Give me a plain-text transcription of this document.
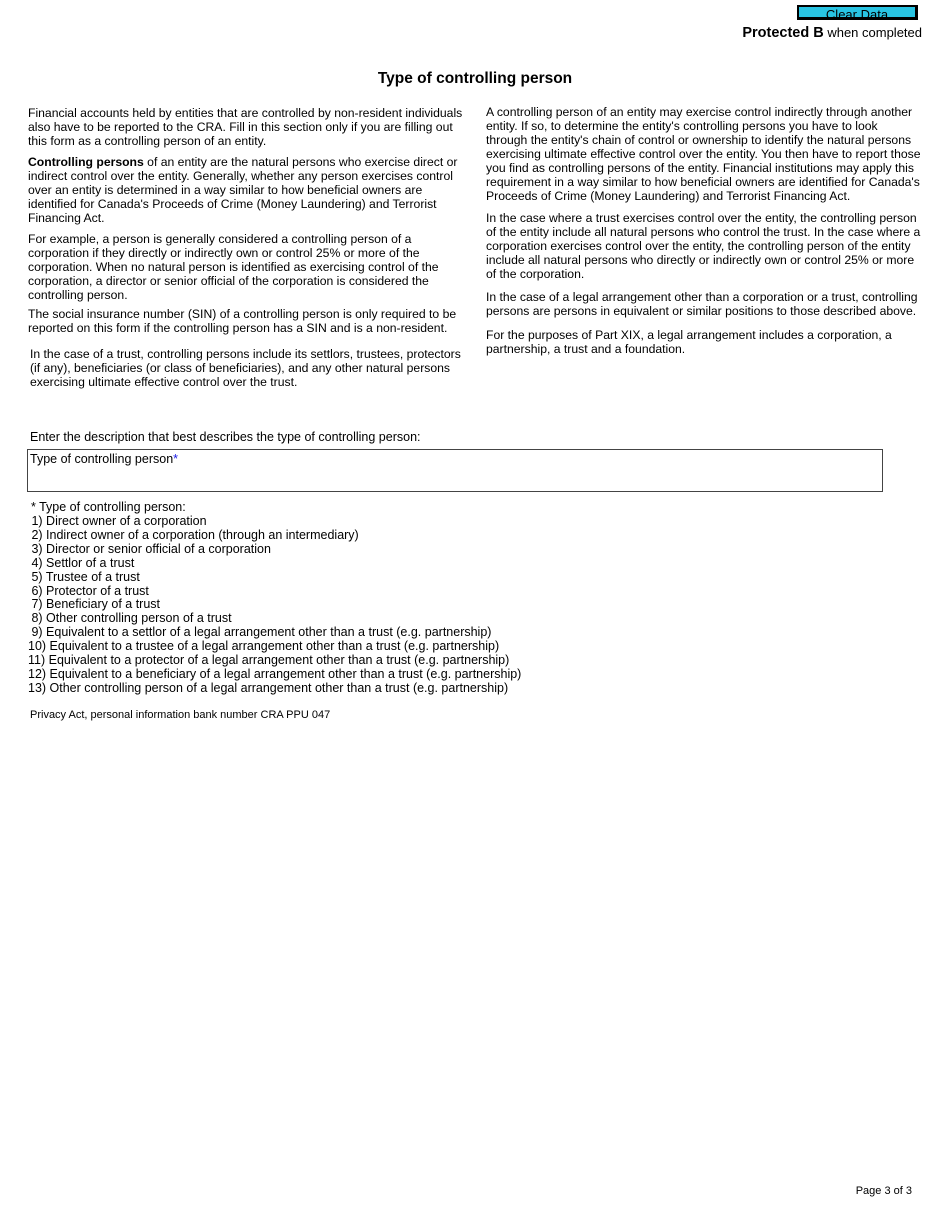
Clear Data
Protected B when completed
Type of controlling person

Financial accounts held by entities that are controlled by non-resident individuals also have to be reported to the CRA. Fill in this section only if you are filling out this form as a controlling person of an entity.

Controlling persons of an entity are the natural persons who exercise direct or indirect control over the entity. Generally, whether any person exercises control over an entity is determined in a way similar to how beneficial owners are identified for Canada's Proceeds of Crime (Money Laundering) and Terrorist Financing Act.

For example, a person is generally considered a controlling person of a corporation if they directly or indirectly own or control 25% or more of the corporation. When no natural person is identified as exercising control of the corporation, a director or senior official of the corporation is considered the controlling person.

The social insurance number (SIN) of a controlling person is only required to be reported on this form if the controlling person has a SIN and is a non-resident.

In the case of a trust, controlling persons include its settlors, trustees, protectors (if any), beneficiaries (or class of beneficiaries), and any other natural persons exercising ultimate effective control over the trust.

A controlling person of an entity may exercise control indirectly through another entity. If so, to determine the entity's controlling persons you have to look through the entity's chain of control or ownership to identify the natural persons exercising ultimate effective control over the entity. You then have to report those you find as controlling persons of the entity. Financial institutions may apply this requirement in a way similar to how beneficial owners are identified for Canada's Proceeds of Crime (Money Laundering) and Terrorist Financing Act.

In the case where a trust exercises control over the entity, the controlling person of the entity include all natural persons who control the trust. In the case where a corporation exercises control over the entity, the controlling person of the entity include all natural persons who directly or indirectly own or control 25% or more of the corporation.

In the case of a legal arrangement other than a corporation or a trust, controlling persons are persons in equivalent or similar positions to those described above.

For the purposes of Part XIX, a legal arrangement includes a corporation, a partnership, a trust and a foundation.

Enter the description that best describes the type of controlling person:
Type of controlling person*
* Type of controlling person:
1) Direct owner of a corporation
2) Indirect owner of a corporation (through an intermediary)
3) Director or senior official of a corporation
4) Settlor of a trust
5) Trustee of a trust
6) Protector of a trust
7) Beneficiary of a trust
8) Other controlling person of a trust
9) Equivalent to a settlor of a legal arrangement other than a trust (e.g. partnership)
10) Equivalent to a trustee of a legal arrangement other than a trust (e.g. partnership)
11) Equivalent to a protector of a legal arrangement other than a trust (e.g. partnership)
12) Equivalent to a beneficiary of a legal arrangement other than a trust (e.g. partnership)
13) Other controlling person of a legal arrangement other than a trust (e.g. partnership)
Privacy Act, personal information bank number CRA PPU 047
Page 3 of 3
